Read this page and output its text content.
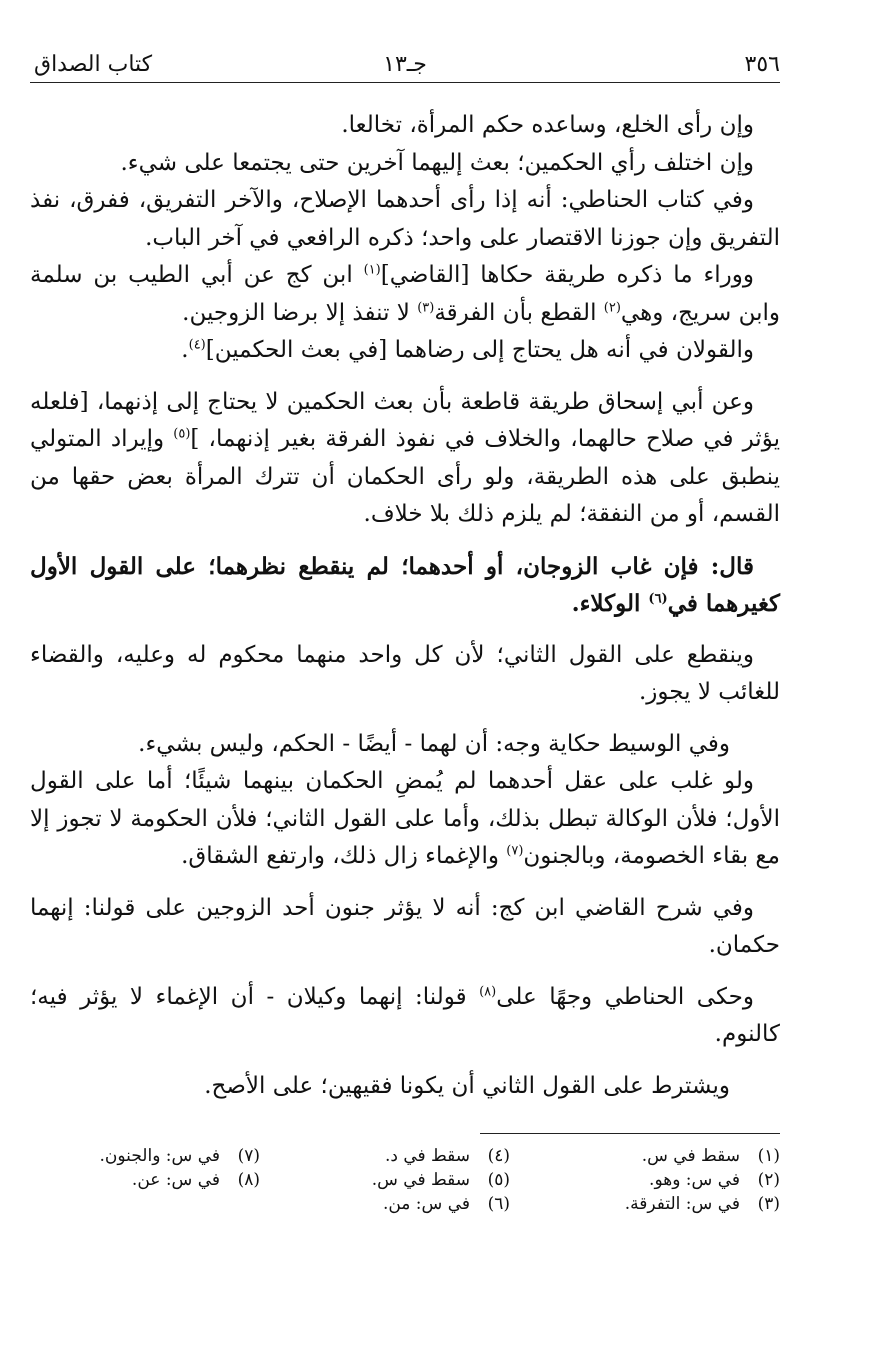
٣٥٦
جـ١٣
كتاب الصداق

وإن رأى الخلع، وساعده حكم المرأة، تخالعا.

وإن اختلف رأي الحكمين؛ بعث إليهما آخرين حتى يجتمعا على شيء.

وفي كتاب الحناطي: أنه إذا رأى أحدهما الإصلاح، والآخر التفريق، ففرق، نفذ التفريق وإن جوزنا الاقتصار على واحد؛ ذكره الرافعي في آخر الباب.

ووراء ما ذكره طريقة حكاها [القاضي]$^{(١)}$ ابن كج عن أبي الطيب بن سلمة وابن سريج، وهي$^{(٢)}$ القطع بأن الفرقة$^{(٣)}$ لا تنفذ إلا برضا الزوجين.

والقولان في أنه هل يحتاج إلى رضاهما [في بعث الحكمين]$^{(٤)}$.

وعن أبي إسحاق طريقة قاطعة بأن بعث الحكمين لا يحتاج إلى إذنهما، [فلعله يؤثر في صلاح حالهما، والخلاف في نفوذ الفرقة بغير إذنهما، ]$^{(٥)}$ وإيراد المتولي ينطبق على هذه الطريقة، ولو رأى الحكمان أن تترك المرأة بعض حقها من القسم، أو من النفقة؛ لم يلزم ذلك بلا خلاف.

قال: فإن غاب الزوجان، أو أحدهما؛ لم ينقطع نظرهما؛ على القول الأول كغيرهما في$^{(٦)}$ الوكلاء.

وينقطع على القول الثاني؛ لأن كل واحد منهما محكوم له وعليه، والقضاء للغائب لا يجوز.

وفي الوسيط حكاية وجه: أن لهما - أيضًا - الحكم، وليس بشيء.

ولو غلب على عقل أحدهما لم يُمضِ الحكمان بينهما شيئًا؛ أما على القول الأول؛ فلأن الوكالة تبطل بذلك، وأما على القول الثاني؛ فلأن الحكومة لا تجوز إلا مع بقاء الخصومة، وبالجنون$^{(٧)}$ والإغماء زال ذلك، وارتفع الشقاق.

وفي شرح القاضي ابن كج: أنه لا يؤثر جنون أحد الزوجين على قولنا: إنهما حكمان.

وحكى الحناطي وجهًا على$^{(٨)}$ قولنا: إنهما وكيلان - أن الإغماء لا يؤثر فيه؛ كالنوم.

ويشترط على القول الثاني أن يكونا فقيهين؛ على الأصح.

(١)سقط في س.
(٢)في س: وهو.
(٣)في س: التفرقة.
(٤)سقط في د.
(٥)سقط في س.
(٦)في س: من.
(٧)في س: والجنون.
(٨)في س: عن.
